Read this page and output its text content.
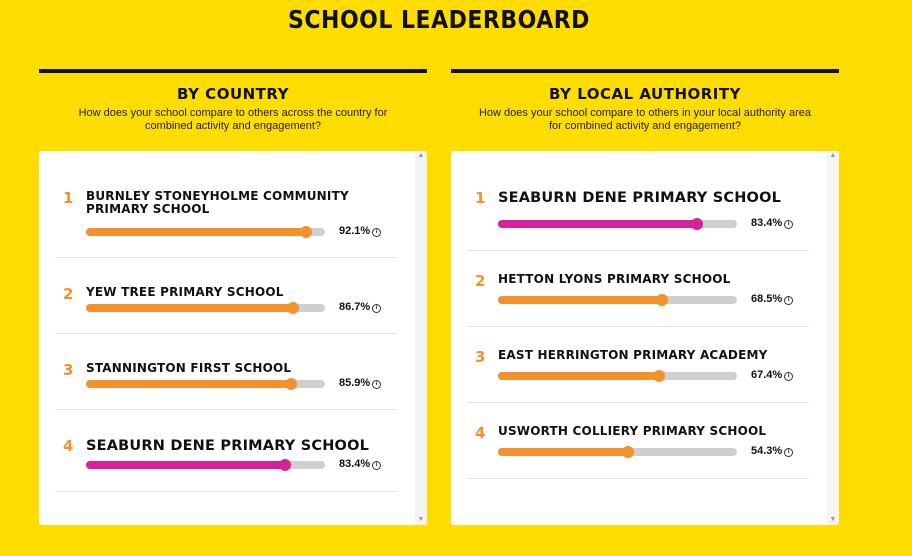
SCHOOL LEADERBOARD
BY COUNTRY
How does your school compare to others across the country for combined activity and engagement?
1 BURNLEY STONEYHOLME COMMUNITY PRIMARY SCHOOL
92.1% i
2 YEW TREE PRIMARY SCHOOL
86.7% i
3 STANNINGTON FIRST SCHOOL
85.9% i
4 SEABURN DENE PRIMARY SCHOOL
83.4% i
▲
▼
BY LOCAL AUTHORITY
How does your school compare to others in your local authority area for combined activity and engagement?
1 SEABURN DENE PRIMARY SCHOOL
83.4% i
2 HETTON LYONS PRIMARY SCHOOL
68.5% i
3 EAST HERRINGTON PRIMARY ACADEMY
67.4% i
4 USWORTH COLLIERY PRIMARY SCHOOL
54.3% i
▲
▼
